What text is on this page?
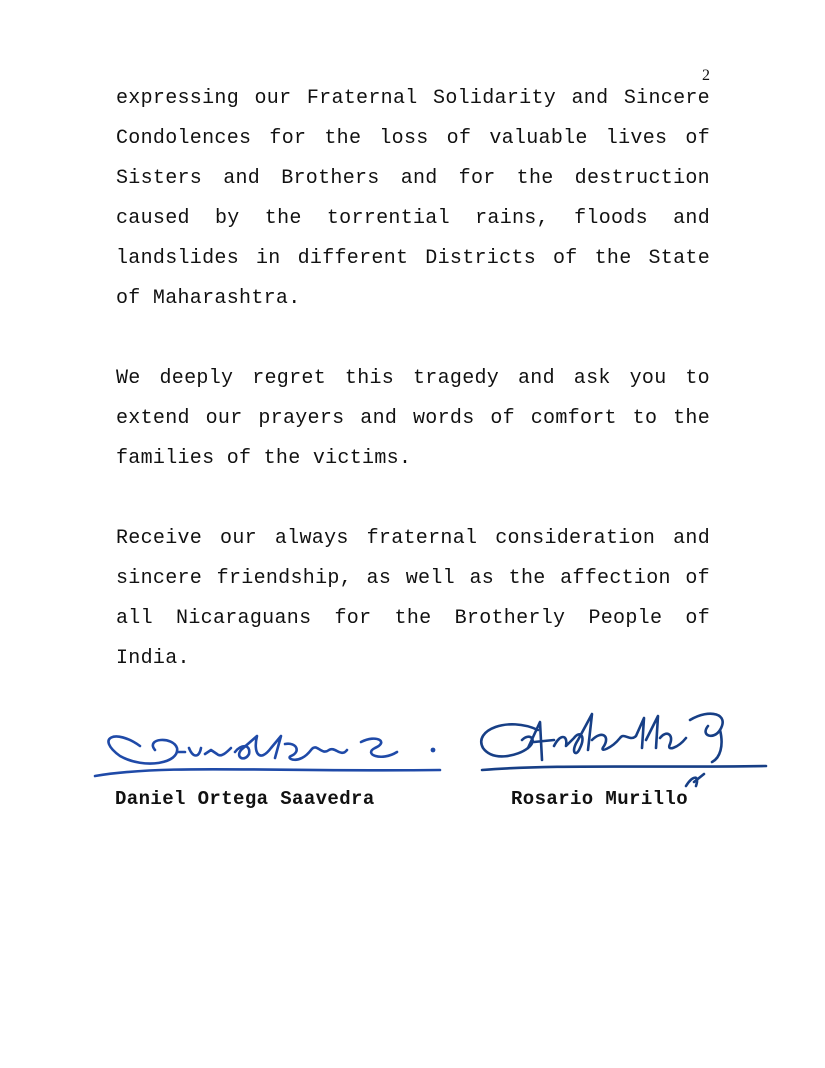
2

expressing our Fraternal Solidarity and Sincere Condolences for the loss of valuable lives of Sisters and Brothers and for the destruction caused by the torrential rains, floods and landslides in different Districts of the State of Maharashtra.

We deeply regret this tragedy and ask you to extend our prayers and words of comfort to the families of the victims.

Receive our always fraternal consideration and sincere friendship, as well as the affection of all Nicaraguans for the Brotherly People of India.

Daniel Ortega Saavedra	Rosario Murillo
